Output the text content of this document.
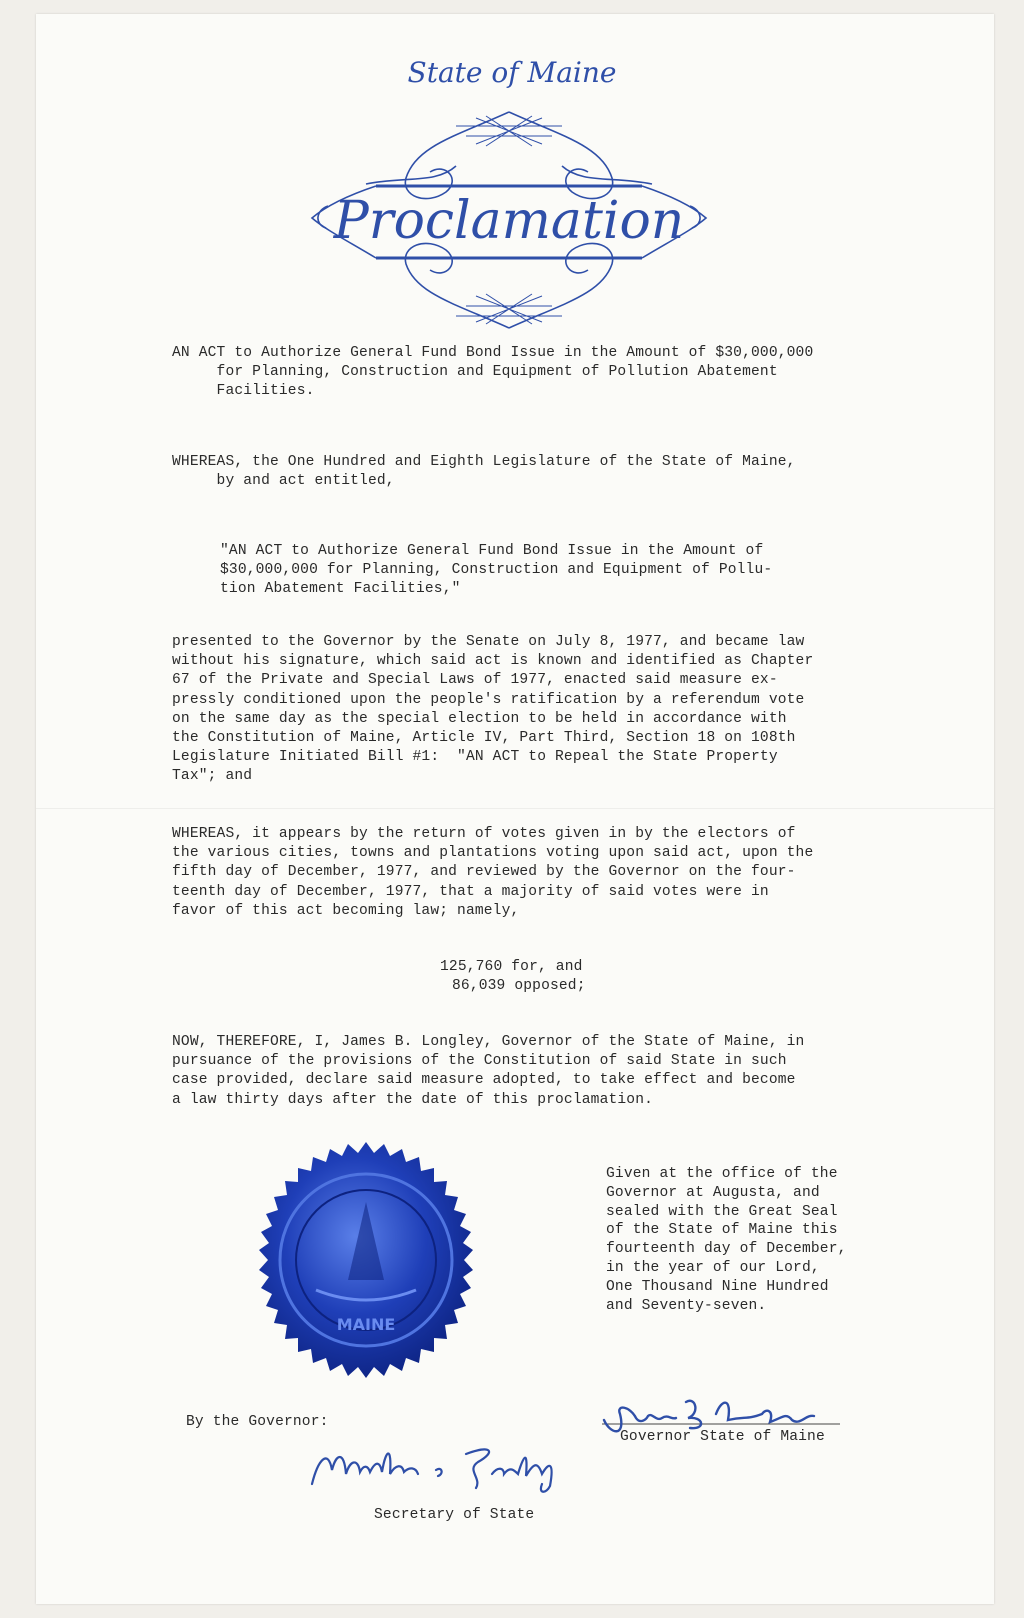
State of Maine
Proclamation
AN ACT to Authorize General Fund Bond Issue in the Amount of $30,000,000
for Planning, Construction and Equipment of Pollution Abatement
Facilities.
WHEREAS, the One Hundred and Eighth Legislature of the State of Maine,
by and act entitled,
"AN ACT to Authorize General Fund Bond Issue in the Amount of
$30,000,000 for Planning, Construction and Equipment of Pollu-
tion Abatement Facilities,"
presented to the Governor by the Senate on July 8, 1977, and became law
without his signature, which said act is known and identified as Chapter
67 of the Private and Special Laws of 1977, enacted said measure ex-
pressly conditioned upon the people's ratification by a referendum vote
on the same day as the special election to be held in accordance with
the Constitution of Maine, Article IV, Part Third, Section 18 on 108th
Legislature Initiated Bill #1:  "AN ACT to Repeal the State Property
Tax"; and
WHEREAS, it appears by the return of votes given in by the electors of
the various cities, towns and plantations voting upon said act, upon the
fifth day of December, 1977, and reviewed by the Governor on the four-
teenth day of December, 1977, that a majority of said votes were in
favor of this act becoming law; namely,
125,760 for, and
86,039 opposed;
NOW, THEREFORE, I, James B. Longley, Governor of the State of Maine, in
pursuance of the provisions of the Constitution of said State in such
case provided, declare said measure adopted, to take effect and become
a law thirty days after the date of this proclamation.
MAINE
Given at the office of the
Governor at Augusta, and
sealed with the Great Seal
of the State of Maine this
fourteenth day of December,
in the year of our Lord,
One Thousand Nine Hundred
and Seventy-seven.
By the Governor:
Governor State of Maine
Secretary of State
